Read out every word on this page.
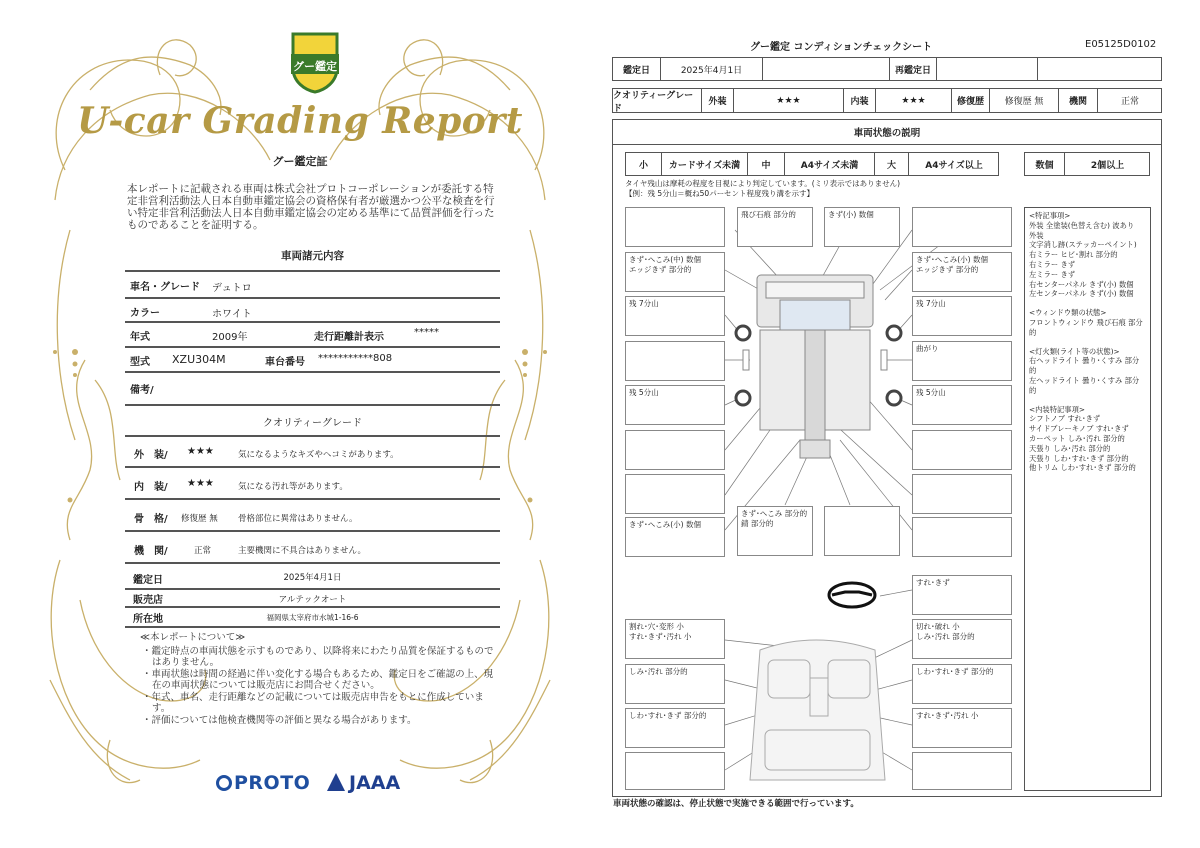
グー鑑定
U-car Grading Report
グー鑑定証
本レポートに記載される車両は株式会社プロトコーポレーションが委託する特定非営利活動法人日本自動車鑑定協会の資格保有者が厳選かつ公平な検査を行い特定非営利活動法人日本自動車鑑定協会の定める基準にて品質評価を行ったものであることを証明する。
車両諸元内容
車名・グレード デュトロ
カラー	ホワイト
年式	2009年	走行距離計表示	*****
型式 XZU304M	車台番号 ***********808
備考/
クオリティーグレード
外　装/ ★★★	気になるようなキズやヘコミがあります。
内　装/ ★★★	気になる汚れ等があります。
骨　格/ 修復歴 無 骨格部位に異常はありません。
機　関/	正常	主要機関に不具合はありません。
鑑定日	2025年4月1日
販売店	アルテックオート
所在地	福岡県太宰府市水城1-16-6
≪本レポートについて≫
・鑑定時点の車両状態を示すものであり、以降将来にわたり品質を保証するものではありません。
・車両状態は時間の経過に伴い変化する場合もあるため、鑑定日をご確認の上、現在の車両状態については販売店にお問合せください。
・年式、車名、走行距離などの記載については販売店申告をもとに作成しています。
・評価については他検査機関等の評価と異なる場合があります。
PROTO	JAAA
グー鑑定 コンディションチェックシート	E05125D0102
鑑定日	2025年4月1日	再鑑定日
クオリティーグレード
外装	★★★	内装	★★★	修復歴	修復歴 無	機関	正常
車両状態の説明
小	カードサイズ未満	中	A4サイズ未満	大	A4サイズ以上	数個	2個以上
タイヤ残山は摩耗の程度を目視により判定しています。(ミリ表示ではありません)
【例：残 5分山＝概ね50パーセント程度残り溝を示す】
飛び石痕 部分的	きず(小) 数個
きず･へこみ(中) 数個
エッジきず 部分的
きず･へこみ(小) 数個
エッジきず 部分的
残 7分山	残 7分山
曲がり
残 5分山	残 5分山
きず･へこみ(小) 数個
きず･へこみ 部分的
錆 部分的
すれ･きず
割れ･穴･変形 小
すれ･きず･汚れ 小
切れ･破れ 小
しみ･汚れ 部分的
しみ･汚れ 部分的	しわ･すれ･きず 部分的
しわ･すれ･きず 部分的	すれ･きず･汚れ 小
<特記事項>
外装 全塗装(色替え含む) 波あり
外装
文字消し跡(ステッカーペイント)
右ミラー ヒビ･割れ 部分的
右ミラー きず
左ミラー きず
右センターパネル きず(小) 数個
左センターパネル きず(小) 数個
<ウィンドウ類の状態>
フロントウィンドウ 飛び石痕 部分的
<灯火類(ライト等の状態)>
右ヘッドライト 曇り･くすみ 部分的
左ヘッドライト 曇り･くすみ 部分的
<内装特記事項>
シフトノブ すれ･きず
サイドブレーキノブ すれ･きず
カーペット しみ･汚れ 部分的
天張り しみ･汚れ 部分的
天張り しわ･すれ･きず 部分的
他トリム しわ･すれ･きず 部分的
車両状態の確認は、停止状態で実施できる範囲で行っています。
